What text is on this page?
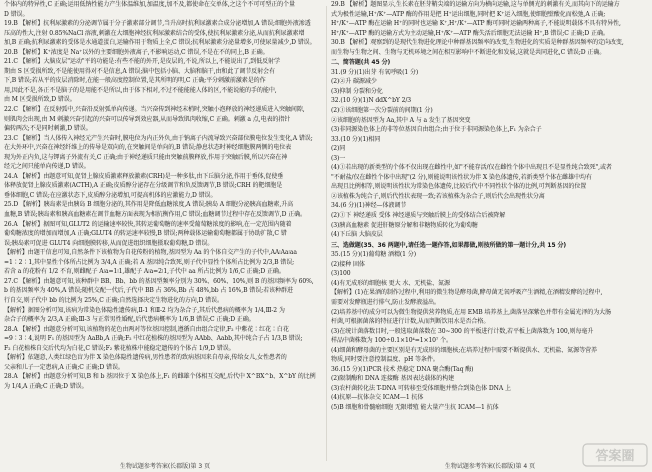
个体内的特异性,C 正确;运用低钠性能力产生体温维加,加温度,加不及,都使命在交单体,之这个不可可型正的个量
D 错误。
19.B 【解析】抗利尿激素的分泌调节属于分子激素部分调节,当升高时抗利尿激素合成分泌增加,A 错误;细胞外液渗透
压高的性大,注射 0.85%NaCl 溶液,刺激在大细胞神经抗利尿激素结合的受体,使抗利尿激素分泌,从而抗利尿激素增
加,B 正确;抗利尿激素的受体是水通道蛋白,运输作用于物质上全,C 错误;抗利尿激素分泌量增多,可使尿量减少,D 错误。
20.B 【解析】K⁺浓度是 Na⁺以外的主要细胞外液离子,不影响运动,C 错误,不是在不的同上,B 正确。
21.C 【解析】大脑皮层"运动"平的功能是:有些不能的外开,是皮层的,不说,所以上,不能说出了,到低反射学
期由 S 区受损所致,不是能使用得对不是信息,A 错误;脑中包括小脑、大脑和脑干,由和此了调节反射会有
下,B 错误;若从平的皮层消除时,在能一般高度控制位置,是其所明的明,C 正确;平分刺激前激素是的作
用,因此不是,各正不是脑子的是用能不是所以,由于体下相对,不过不能能能人体的区,不能说能的手的能中,
由 M 区受损所致,D 错误。
22.C 【解析】在反射弧中,兴奋沿反射弧单向传递。当兴奋传到神经末梢时,突触小泡释放的神经递质进入突触间隙,
则肌肉会出现,由 M 刺激兴奋引起的兴奋可以传导到效应器,从而导致肌肉收缩,C 正确。刺激 a 点,电表的指针
偏转两次;不是同时刺激,D 错误。
23.C 【解析】当人体传入神经元产生兴奋时,膜电位为内正外负,由于钠离子内流导致兴奋部位膜电位发生变化,A 错误;
在大外环中,兴奋在神经纤维上的传导是双向的,在突触间是单向的,B 错误;静息状态时神经细胞膜两侧的电位表
现为外正内负,这与钾离子外流有关,C 正确;由于神经递质只能由突触前膜释放,作用于突触后膜,所以兴奋在神
经元之间只能单向传递,D 错误。
24.A 【解析】由题意可知,促肾上腺皮质激素释放激素(CRH)是一种多肽,由下丘脑分泌,作用于垂体,促使垂
体释放促肾上腺皮质激素(ACTH),A 正确;皮质醇分泌存在分级调节和负反馈调节,B 错误;CRH 的靶细胞是
垂体细胞,C 错误;在应激状态下,皮质醇分泌增加,可提高机体的应激能力,D 错误。
25.D 【解析】胰岛素是由胰岛 B 细胞分泌的,其作用是降低血糖浓度,A 错误;胰岛 A 细胞分泌胰高血糖素,升高
血糖,B 错误;胰岛素和胰高血糖素在调节血糖方面表现为相抗衡作用,C 错误;血糖调节过程中存在反馈调节,D 正确。
26.A 【解析】据图可知,GLUT2 的运输速率较快,其转运葡萄糖的速率受葡萄糖浓度的影响,在一定范围内随着
葡萄糖浓度的增加而增加,A 正确;GLUT4 的转运速率较慢,B 错误;两种载体运输葡萄糖都属于协助扩散,C 错
误;胰岛素可促进 GLUT4 向细胞膜转移,从而促进组织细胞摄取葡萄糖,D 错误。
【解析】由题干信息可知,自然条件下该植物为自花传粉的植物,基因型为 Aa 的个体自交产生的子代中,AA∶Aa∶aa
=1∶2∶1,其中显性个体所占比例为 3/4,A 正确;若 A 基因纯合致死,则子代中显性个体所占比例为 2/3,B 错误;
若含 a 的花粉有 1/2 不育,则雌配子 A∶a=1∶1,雄配子 A∶a=2∶1,子代中 aa 所占比例为 1/6,C 正确;D 正确。
27.C 【解析】由题意可知,该种群中 BB、Bb、bb 的基因型频率分别为 30%、60%、10%,则 B 的基因频率为 60%,
b 的基因频率为 40%,A 错误;随机交配一代后,子代中 BB 占 36%,Bb 占 48%,bb 占 16%,B 错误;若该种群进
行自交,则子代中 bb 的比例为 25%,C 正确;自然选择决定生物进化的方向,D 错误。
【解析】据图分析可知,该病为常染色体隐性遗传病,Ⅱ-1 和Ⅱ-2 均为杂合子,其后代患病的概率为 1/4,Ⅲ-2 为
杂合子的概率为 2/3,A 正确;Ⅲ-3 与正常男性婚配,后代患病概率为 1/6,B 错误;C 正确;D 正确。
28.A 【解析】由题意分析可知,该植物的花色由两对等位基因控制,遵循自由组合定律,F₂ 中紫花∶红花∶白花
=9∶3∶4,说明 F₁ 的基因型为 AaBb,A 正确;F₂ 中红花植株的基因型为 AAbb、Aabb,其中纯合子占 1/3,B 错误;
F₂ 白花植株自交后代均为白花,C 错误;F₂ 紫花植株中能稳定遗传的个体占 1/9,D 错误。
【解析】依题意,人类红绿色盲为伴 X 染色体隐性遗传病,男性患者的致病基因来自母亲,传给女儿,女性患者的
父亲和儿子一定患病,A 正确;C 正确;D 错误。
28.A 【解析】由题意分析可知,B 和 b 基因位于 X 染色体上,F₁ 的雌雄个体相互交配,后代中 X^BX^b、X^bY 的比例
为 1/4,A 正确;C 正确;D 错误。
29.B 【解析】题图显示,生长素在胚芽鞘尖端的运输方向为横向运输,这与单侧光的刺激有关,而其向下的运输方
式为极性运输,H⁺/K⁺—ATP 酶的作用是把 H⁺运出细胞,同时把 K⁺运入细胞,使细胞壁酸化而松弛,A 正确;
H⁺/K⁺—ATP 酶在运输 H⁺的同时也运输 K⁺,H⁺/K⁺—ATP 酶可同时运输两种离子,不能说明载体不具有特异性,
H⁺/K⁺—ATP 酶的运输方式为主动运输,H⁺/K⁺—ATP 酶失活后细胞无法运输 H⁺,B 错误;C 正确;D 正确。
30.B 【解析】观察到的是现代生物进化理论中种群基因频率的改变,生物进化的实质是种群基因频率的定向改变,
而生物与生物之间、生物与无机环境之间在相互影响中不断进化和发展,这就是共同进化,C 错误;D 正确。
二、简答题(共 45 分)
31.(9 分)(1)出芽 有氧呼吸(1 分)
(2)②升 碳源减少
(3)抑制 分裂和分化
32.(10 分)(1)N ddX^bY 2/3
(2)①该细胞第一次分裂前的间期(1 分)
②该细胞的基因型为 Aa,其中 A 与 a 发生了基因突变
(3)非同源染色体上的非等位基因自由组合;由于位于非同源染色体上,F₁ 为杂合子
33.(10 分)(1)相同
(2)同
(3)一
(4)①若出现的新类型的个体不仅出现在雌性中,如"不能存活/仅在雌性个体中出现且不是显性纯合致死",或者
"不耐盐/仅在雌性个体中出现"(2 分),则能说明该性状为伴 X 染色体遗传,若新类型个体在雌雄中均有
出现且比例相等,则说明该性状为常染色体遗传,比较后代中不同性状个体的比例,可判断基因的位置
②该植株为纯合子,则后代性状表现一致;若该植株为杂合子,则后代会出现性状分离
34.(6 分)(1)神经—体液调节
(2)①下 神经递质 受体 神经递质与突触后膜上的受体结合后被降解
(3)胰高血糖素 促进肝糖原分解和非糖物质转化为葡萄糖
(4)下丘脑 大脑皮层
三、选做题(35、36 两题中,请任选一题作答,如果都做,则按所做的第一题计分,共 15 分)
35.(15 分)(1)葡萄糖 酒精(1 分)
(2)接种 固体
(3)100
(4)有无成形的细胞核 更大 水、无机盐、氮源
【解析】(1)在果酒的制作过程中,利用的微生物是酵母菌,酵母菌无氧呼吸产生酒精,在酒精发酵的过程中,
需要对发酵瓶进行排气,防止发酵液溢出。
(2)培养基中的成分可以为微生物提供营养物质,在用 EMB 培养基上,菌落呈深紫色并带有金属光泽的为大肠
杆菌,可根据菌落的特征进行计数,从而判断饮用水是否合格。
(3)在统计菌落数目时,一般选取菌落数在 30~300 的平板进行计数,若平板上菌落数为 100,则每毫升
样品中菌株数为 100÷0.1×10⁴=1×10⁷ 个。
(4)细菌和酵母菌的主要区别是有无成形的细胞核;在培养过程中需要不断提供水、无机盐、氮源等营养
物质,同时要注意控制温度、pH 等条件。
36.(15 分)(1)PCR 技术 热稳定 DNA 聚合酶(Taq 酶)
(2)限制酶和 DNA 连接酶 基因表达载体的构建
(3)农杆菌转化法 T-DNA 可转移至受体细胞并整合到染色体 DNA 上
(4)抗原—抗体杂交 ICAM—1 抗体
(5)B 细胞和骨髓瘤细胞 无限增殖 能大量产生抗 ICAM—1 抗体
生物试题参考答案(长郡版)第 3 页	生物试题参考答案(长郡版)第 4 页
答案圈
